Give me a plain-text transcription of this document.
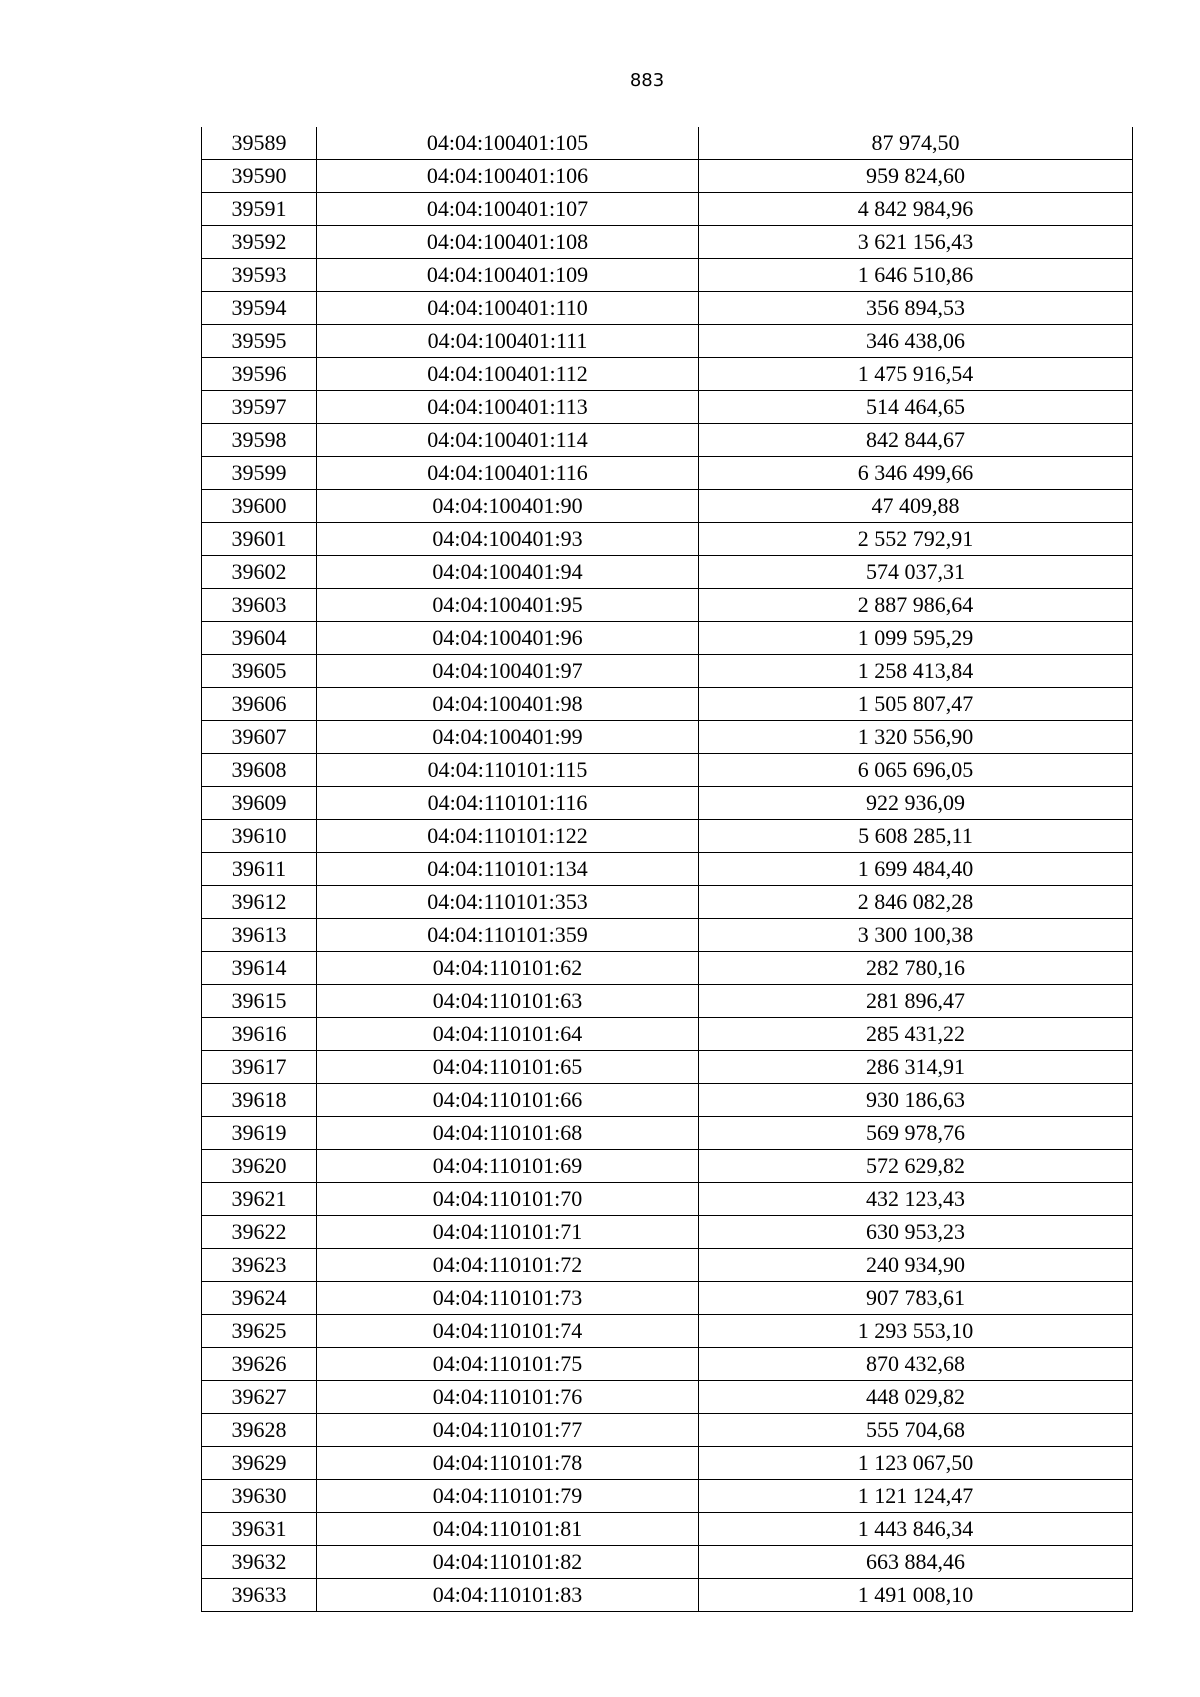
883
39589	04:04:100401:105	87 974,50
39590	04:04:100401:106	959 824,60
39591	04:04:100401:107	4 842 984,96
39592	04:04:100401:108	3 621 156,43
39593	04:04:100401:109	1 646 510,86
39594	04:04:100401:110	356 894,53
39595	04:04:100401:111	346 438,06
39596	04:04:100401:112	1 475 916,54
39597	04:04:100401:113	514 464,65
39598	04:04:100401:114	842 844,67
39599	04:04:100401:116	6 346 499,66
39600	04:04:100401:90	47 409,88
39601	04:04:100401:93	2 552 792,91
39602	04:04:100401:94	574 037,31
39603	04:04:100401:95	2 887 986,64
39604	04:04:100401:96	1 099 595,29
39605	04:04:100401:97	1 258 413,84
39606	04:04:100401:98	1 505 807,47
39607	04:04:100401:99	1 320 556,90
39608	04:04:110101:115	6 065 696,05
39609	04:04:110101:116	922 936,09
39610	04:04:110101:122	5 608 285,11
39611	04:04:110101:134	1 699 484,40
39612	04:04:110101:353	2 846 082,28
39613	04:04:110101:359	3 300 100,38
39614	04:04:110101:62	282 780,16
39615	04:04:110101:63	281 896,47
39616	04:04:110101:64	285 431,22
39617	04:04:110101:65	286 314,91
39618	04:04:110101:66	930 186,63
39619	04:04:110101:68	569 978,76
39620	04:04:110101:69	572 629,82
39621	04:04:110101:70	432 123,43
39622	04:04:110101:71	630 953,23
39623	04:04:110101:72	240 934,90
39624	04:04:110101:73	907 783,61
39625	04:04:110101:74	1 293 553,10
39626	04:04:110101:75	870 432,68
39627	04:04:110101:76	448 029,82
39628	04:04:110101:77	555 704,68
39629	04:04:110101:78	1 123 067,50
39630	04:04:110101:79	1 121 124,47
39631	04:04:110101:81	1 443 846,34
39632	04:04:110101:82	663 884,46
39633	04:04:110101:83	1 491 008,10
